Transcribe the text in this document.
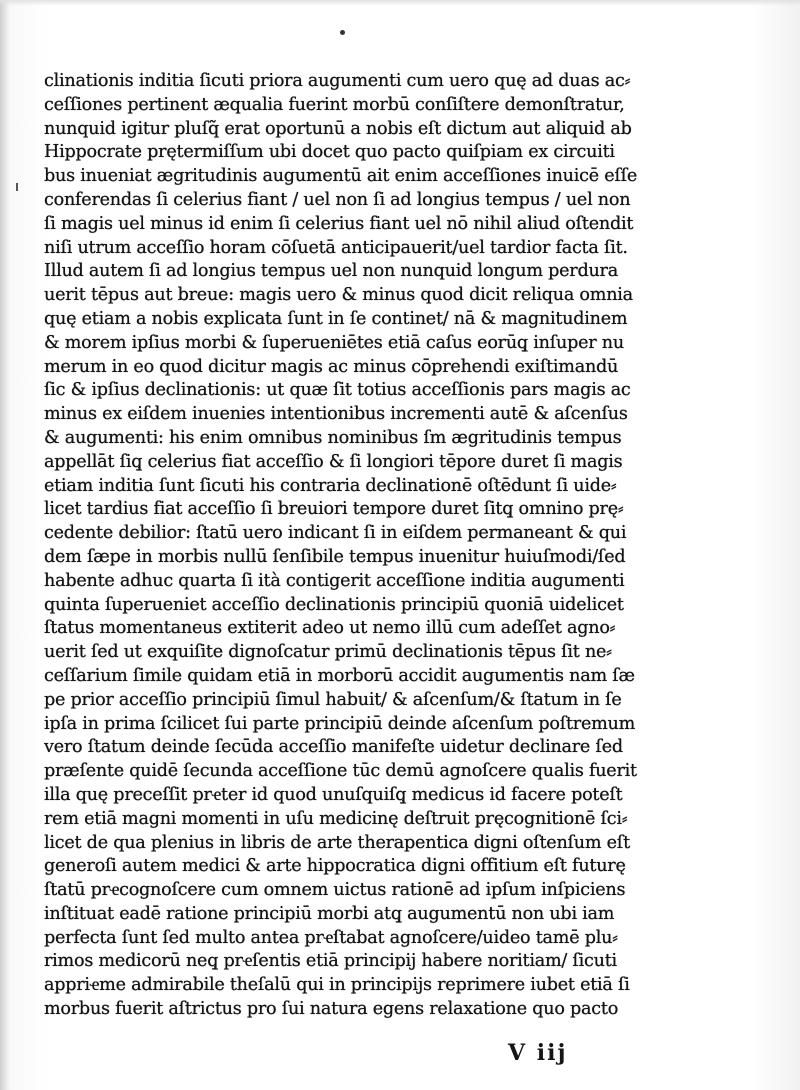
clinationis inditia ſicuti priora augumenti cum uero quę ad duas ac⸗
ceſſiones pertinent æqualia fuerint morbū conſiſtere demonſtratur,
nunquid igitur pluſq̃ erat oportunū a nobis eſt dictum aut aliquid ab
Hippocrate prętermiſſum ubi docet quo pacto quiſpiam ex circuiti
bus inueniat ægritudinis augumentū ait enim acceſſiones inuicē eſſe
conferendas ſi celerius fiant / uel non ſi ad longius tempus / uel non
ſi magis uel minus id enim ſi celerius fiant uel nō nihil aliud oſtendit
niſi utrum acceſſio horam cōſuetā anticipauerit/uel tardior facta ſit.
Illud autem ſi ad longius tempus uel non nunquid longum perdura
uerit tēpus aut breue: magis uero & minus quod dicit reliqua omnia
quę etiam a nobis explicata ſunt in ſe continet/ nā & magnitudinem
& morem ipſius morbi & ſuperueniētes etiā caſus eorūq̧ inſuper nu
merum in eo quod dicitur magis ac minus cōprehendi exiſtimandū
ſic & ipſius declinationis: ut quæ ſit totius acceſſionis pars magis ac
minus ex eiſdem inuenies intentionibus incrementi autē & aſcenſus
& augumenti: his enim omnibus nominibus ſm ægritudinis tempus
appellāt ſiq̧ celerius fiat acceſſio & ſi longiori tēpore duret ſi magis
etiam inditia ſunt ſicuti his contraria declinationē oſtēdunt ſi uide⸗
licet tardius fiat acceſſio ſi breuiori tempore duret ſitq̧ omnino prę⸗
cedente debilior: ſtatū uero indicant ſi in eiſdem permaneant & qui
dem ſæpe in morbis nullū ſenſibile tempus inuenitur huiuſmodi/ſed
habente adhuc quarta ſi ità contigerit acceſſione inditia augumenti
quinta ſuperueniet acceſſio declinationis principiū quoniā uidelicet
ſtatus momentaneus extiterit adeo ut nemo illū cum adeſſet agno⸗
uerit ſed ut exquiſite dignoſcatur primū declinationis tēpus ſit ne⸗
ceſſarium ſimile quidam etiā in morborū accidit augumentis nam ſæ
pe prior acceſſio principiū ſimul habuit/ & aſcenſum/& ſtatum in ſe
ipſa in prima ſcilicet ſui parte principiū deinde aſcenſum poſtremum
vero ſtatum deinde ſecūda acceſſio manifeſte uidetur declinare ſed
præſente quidē ſecunda acceſſione tūc demū agnoſcere qualis fuerit
illa quę preceſſit prҽter id quod unuſquiſq̧ medicus id facere poteſt
rem etiā magni momenti in uſu medicinę deſtruit pręcognitionē ſci⸗
licet de qua plenius in libris de arte therapentica digni oſtenſum eſt
generoſi autem medici & arte hippocratica digni offitium eſt futurę
ſtatū prҽcognoſcere cum omnem uictus rationē ad ipſum inſpiciens
inſtituat eadē ratione principiū morbi atq̧ augumentū non ubi iam
perfecta ſunt ſed multo antea prҽſtabat agnoſcere/uideo tamē plu⸗
rimos medicorū neq̧ prҽſentis etiā principij habere noritiam/ ſicuti
appriҽme admirabile theſalū qui in principijs reprimere iubet etiā ſi
morbus fuerit aſtrictus pro ſui natura egens relaxatione quo pacto
V iij
